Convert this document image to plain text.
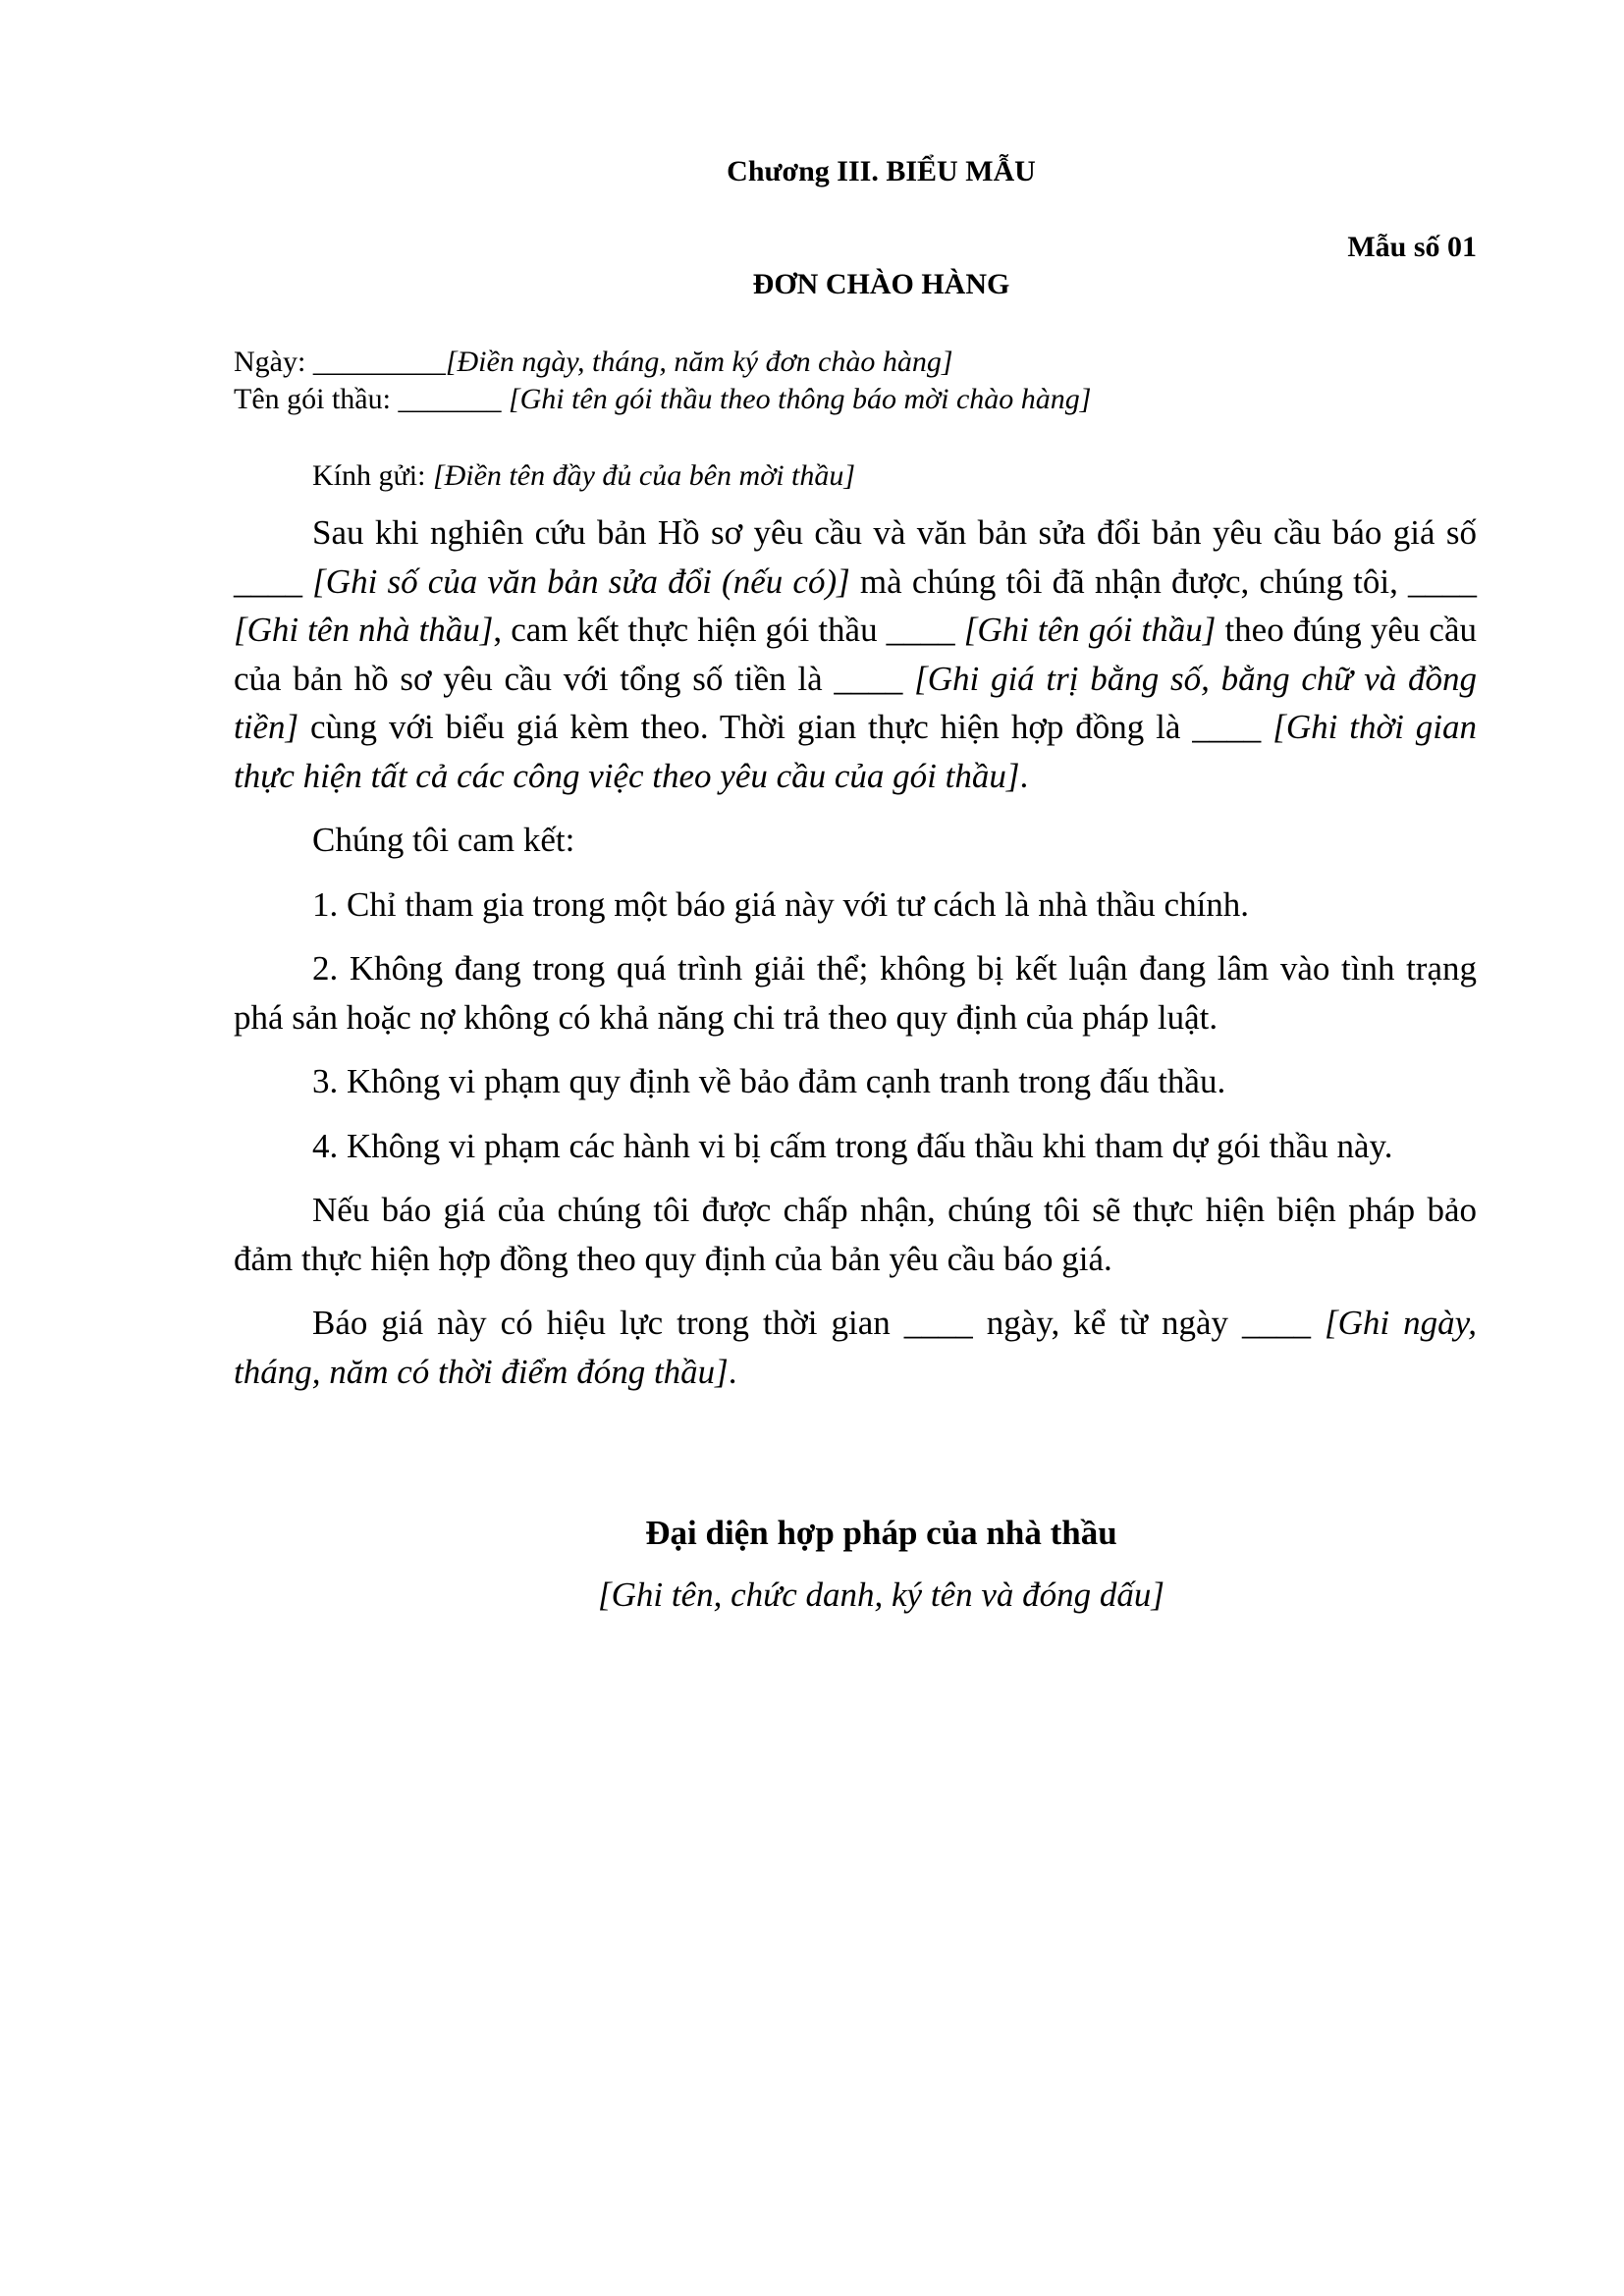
Chương III. BIỂU MẪU
Mẫu số 01
ĐƠN CHÀO HÀNG
Ngày: _________[Điền ngày, tháng, năm ký đơn chào hàng]
Tên gói thầu: _______ [Ghi tên gói thầu theo thông báo mời chào hàng]
Kính gửi: [Điền tên đầy đủ của bên mời thầu]

Sau khi nghiên cứu bản Hồ sơ yêu cầu và văn bản sửa đổi bản yêu cầu báo giá số ____ [Ghi số của văn bản sửa đổi (nếu có)] mà chúng tôi đã nhận được, chúng tôi, ____ [Ghi tên nhà thầu], cam kết thực hiện gói thầu ____ [Ghi tên gói thầu] theo đúng yêu cầu của bản hồ sơ yêu cầu với tổng số tiền là ____ [Ghi giá trị bằng số, bằng chữ và đồng tiền] cùng với biểu giá kèm theo. Thời gian thực hiện hợp đồng là ____ [Ghi thời gian thực hiện tất cả các công việc theo yêu cầu của gói thầu].

Chúng tôi cam kết:

1. Chỉ tham gia trong một báo giá này với tư cách là nhà thầu chính.

2. Không đang trong quá trình giải thể; không bị kết luận đang lâm vào tình trạng phá sản hoặc nợ không có khả năng chi trả theo quy định của pháp luật.

3. Không vi phạm quy định về bảo đảm cạnh tranh trong đấu thầu.

4. Không vi phạm các hành vi bị cấm trong đấu thầu khi tham dự gói thầu này.

Nếu báo giá của chúng tôi được chấp nhận, chúng tôi sẽ thực hiện biện pháp bảo đảm thực hiện hợp đồng theo quy định của bản yêu cầu báo giá.

Báo giá này có hiệu lực trong thời gian ____ ngày, kể từ ngày ____ [Ghi ngày, tháng, năm có thời điểm đóng thầu].

Đại diện hợp pháp của nhà thầu
[Ghi tên, chức danh, ký tên và đóng dấu]
